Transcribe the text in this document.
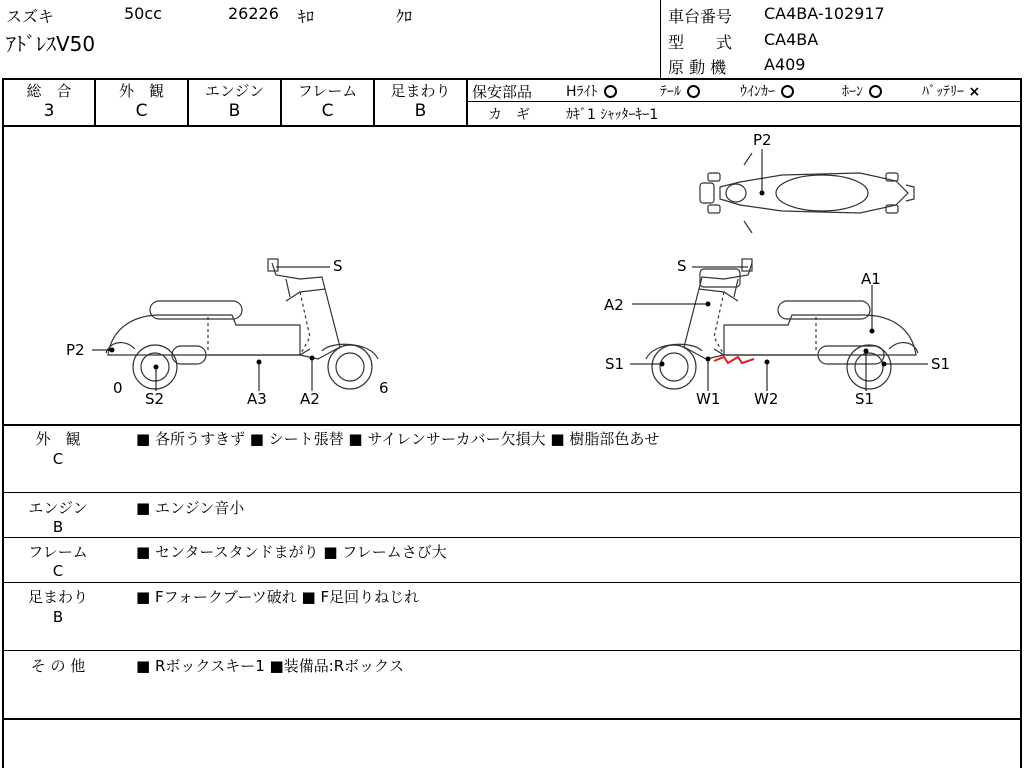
スズキ	50cc	26226 ｷﾛ	ｸﾛ
ｱﾄﾞﾚｽV50
車台番号 CA4BA-102917
型　　式 CA4BA
原 動 機 A409
総　合
3
外　観
C
エンジン
B
フレーム
C
足まわり
B
保安部品 Hﾗｲﾄ	ﾃｰﾙ	ｳｲﾝｶｰ	ﾎｰﾝ	ﾊﾞｯﾃﾘｰ ×
カ　ギ	ｶｷﾞ1 ｼｬｯﾀｰｷｰ1
S
P2
0
S2	A3 A2
6
P2
S
A1
A2
S1	S1
W1 W2	S1
外　観
C
■ 各所うすきず ■ シート張替 ■ サイレンサーカバー欠損大 ■ 樹脂部色あせ
エンジン
B
■ エンジン音小
フレーム
C
■ センタースタンドまがり ■ フレームさび大
足まわり
B
■ Fフォークブーツ破れ ■ F足回りねじれ
そ の 他	■ Rボックスキー1 ■装備品:Rボックス
